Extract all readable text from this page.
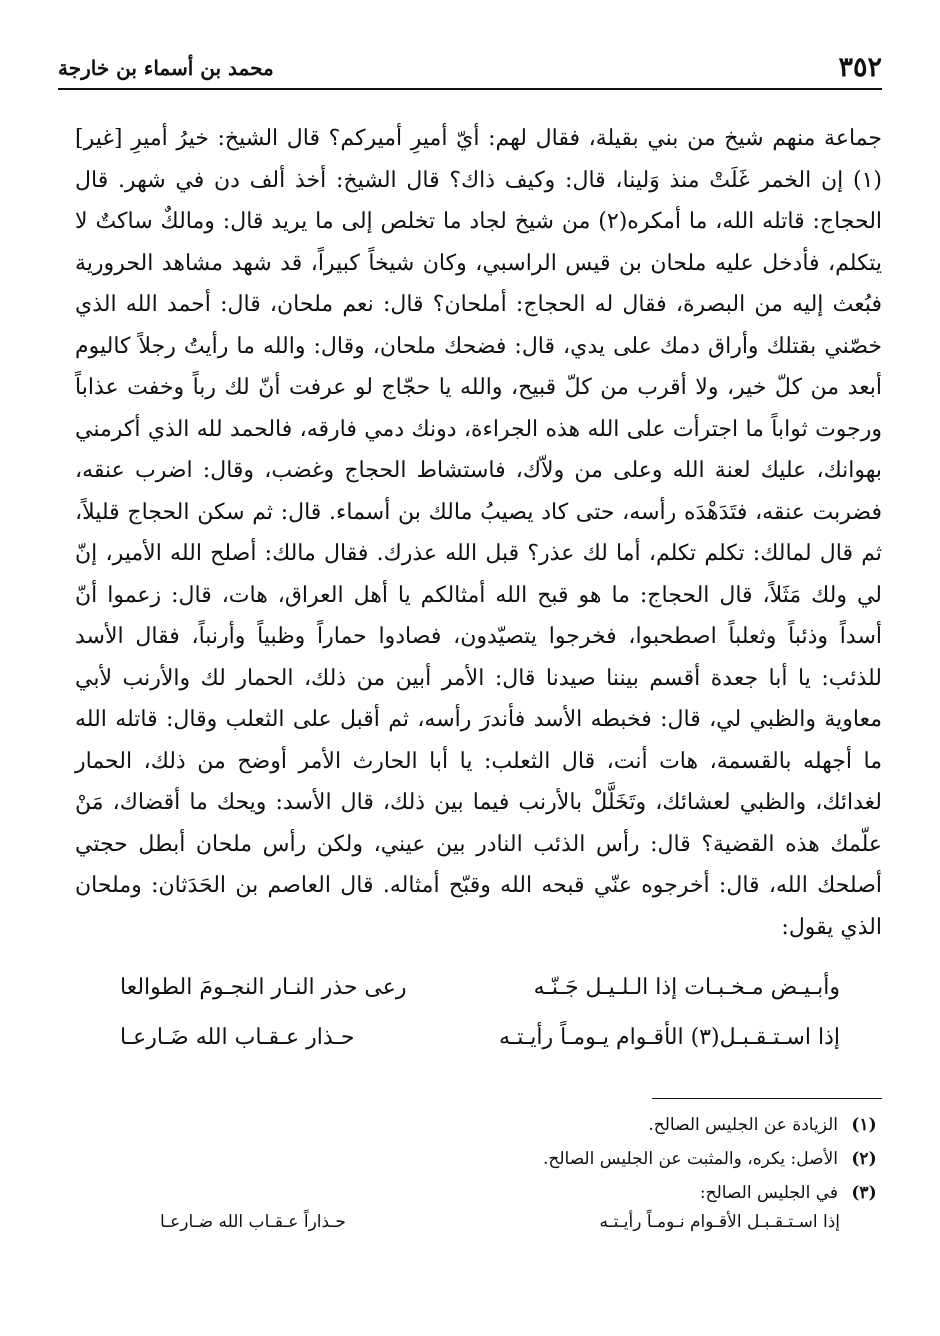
٣٥٢
محمد بن أسماء بن خارجة

جماعة منهم شيخ من بني بقيلة، فقال لهم: أيّ أميرِ أميركم؟ قال الشيخ: خيرُ أميرِ [غير](١) إن الخمر غَلَتْ منذ وَلينا، قال: وكيف ذاك؟ قال الشيخ: أخذ ألف دن في شهر. قال الحجاج: قاتله الله، ما أمكره(٢) من شيخ لجاد ما تخلص إلى ما يريد قال: ومالكٌ ساكتٌ لا يتكلم، فأدخل عليه ملحان بن قيس الراسبي، وكان شيخاً كبيراً، قد شهد مشاهد الحرورية فبُعث إليه من البصرة، فقال له الحجاج: أملحان؟ قال: نعم ملحان، قال: أحمد الله الذي خصّني بقتلك وأراق دمك على يدي، قال: فضحك ملحان، وقال: والله ما رأيتُ رجلاً كاليوم أبعد من كلّ خير، ولا أقرب من كلّ قبيح، والله يا حجّاج لو عرفت أنّ لك رباً وخفت عذاباً ورجوت ثواباً ما اجترأت على الله هذه الجراءة، دونك دمي فارقه، فالحمد لله الذي أكرمني بهوانك، عليك لعنة الله وعلى من ولاّك، فاستشاط الحجاج وغضب، وقال: اضرب عنقه، فضربت عنقه، فتَدَهْدَه رأسه، حتى كاد يصيبُ مالك بن أسماء. قال: ثم سكن الحجاج قليلاً، ثم قال لمالك: تكلم تكلم، أما لك عذر؟ قبل الله عذرك. فقال مالك: أصلح الله الأمير، إنّ لي ولك مَثَلاً، قال الحجاج: ما هو قبح الله أمثالكم يا أهل العراق، هات، قال: زعموا أنّ أسداً وذئباً وثعلباً اصطحبوا، فخرجوا يتصيّدون، فصادوا حماراً وظبياً وأرنباً، فقال الأسد للذئب: يا أبا جعدة أقسم بيننا صيدنا قال: الأمر أبين من ذلك، الحمار لك والأرنب لأبي معاوية والظبي لي، قال: فخبطه الأسد فأندرَ رأسه، ثم أقبل على الثعلب وقال: قاتله الله ما أجهله بالقسمة، هات أنت، قال الثعلب: يا أبا الحارث الأمر أوضح من ذلك، الحمار لغدائك، والظبي لعشائك، وتَخَلَّلْ بالأرنب فيما بين ذلك، قال الأسد: ويحك ما أقضاك، مَنْ علّمك هذه القضية؟ قال: رأس الذئب النادر بين عيني، ولكن رأس ملحان أبطل حجتي أصلحك الله، قال: أخرجوه عنّي قبحه الله وقبّح أمثاله. قال العاصم بن الحَدَثان: وملحان الذي يقول:

وأبـيـض مـخـبـات إذا الـلـيـل جَـنّـه
رعى حذر النـار النجـومَ الطوالعا
إذا اسـتـقـبـل(٣) الأقـوام يـومـاً رأيـتـه
حـذار عـقـاب الله ضَـارعـا
(١)
الزيادة عن الجليس الصالح.
(٢)
الأصل: يكره، والمثبت عن الجليس الصالح.
(٣)
في الجليس الصالح:
إذا اسـتـقـبـل الأقـوام نـومـاً رأيـتـه
حـذاراً عـقـاب الله ضـارعـا
